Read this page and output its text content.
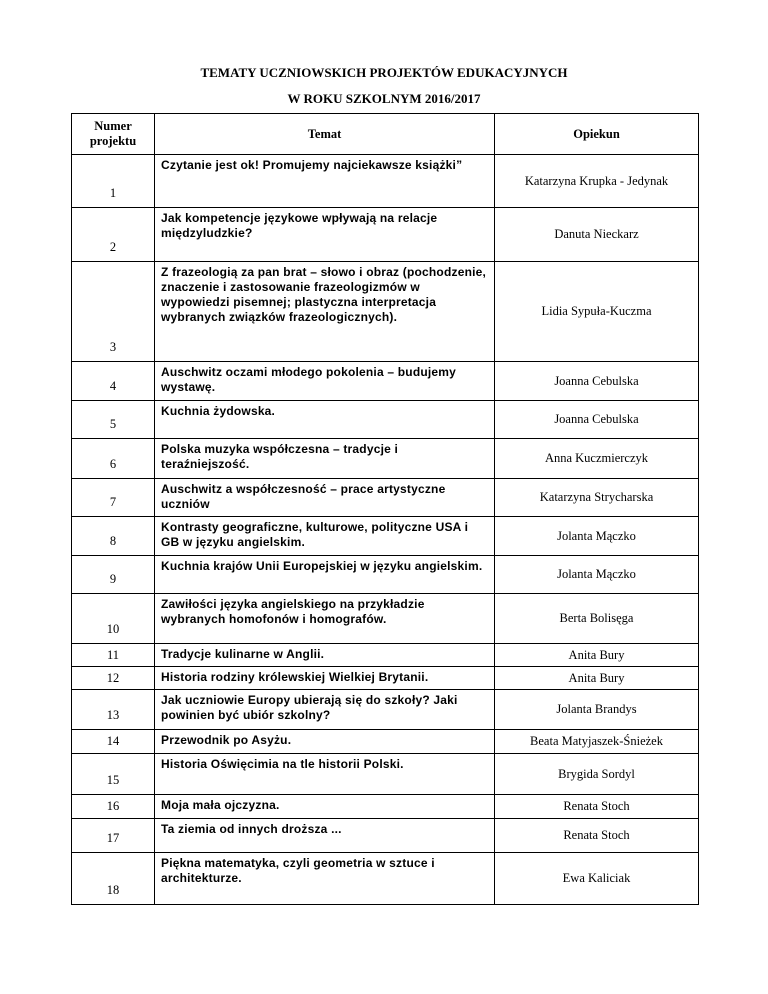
TEMATY UCZNIOWSKICH PROJEKTÓW EDUKACYJNYCH
W ROKU SZKOLNYM 2016/2017
Numer projektu	Temat	Opiekun
1	Czytanie jest ok! Promujemy najciekawsze książki”	Katarzyna Krupka - Jedynak
2	Jak kompetencje językowe wpływają na relacje międzyludzkie?	Danuta Nieckarz
3	Z frazeologią za pan brat – słowo i obraz (pochodzenie, znaczenie i zastosowanie frazeologizmów w wypowiedzi pisemnej; plastyczna interpretacja wybranych związków frazeologicznych).	Lidia Sypuła-Kuczma
4	Auschwitz oczami młodego pokolenia – budujemy wystawę.	Joanna Cebulska
5	Kuchnia żydowska.	Joanna Cebulska
6	Polska muzyka współczesna – tradycje i teraźniejszość.	Anna Kuczmierczyk
7	Auschwitz a współczesność – prace artystyczne uczniów	Katarzyna Strycharska
8	Kontrasty geograficzne, kulturowe, polityczne USA i GB w języku angielskim.	Jolanta Mączko
9	Kuchnia krajów Unii Europejskiej w języku angielskim.	Jolanta Mączko
10	Zawiłości języka angielskiego na przykładzie wybranych homofonów i homografów.	Berta Bolisęga
11	Tradycje kulinarne w Anglii.	Anita Bury
12	Historia rodziny królewskiej Wielkiej Brytanii.	Anita Bury
13	Jak uczniowie Europy ubierają się do szkoły? Jaki powinien być ubiór szkolny?	Jolanta Brandys
14	Przewodnik po Asyżu.	Beata Matyjaszek-Śnieżek
15	Historia Oświęcimia na tle historii Polski.	Brygida Sordyl
16	Moja mała ojczyzna.	Renata Stoch
17	Ta ziemia od innych droższa ...	Renata Stoch
18	Piękna matematyka, czyli geometria w sztuce i architekturze.	Ewa Kaliciak
